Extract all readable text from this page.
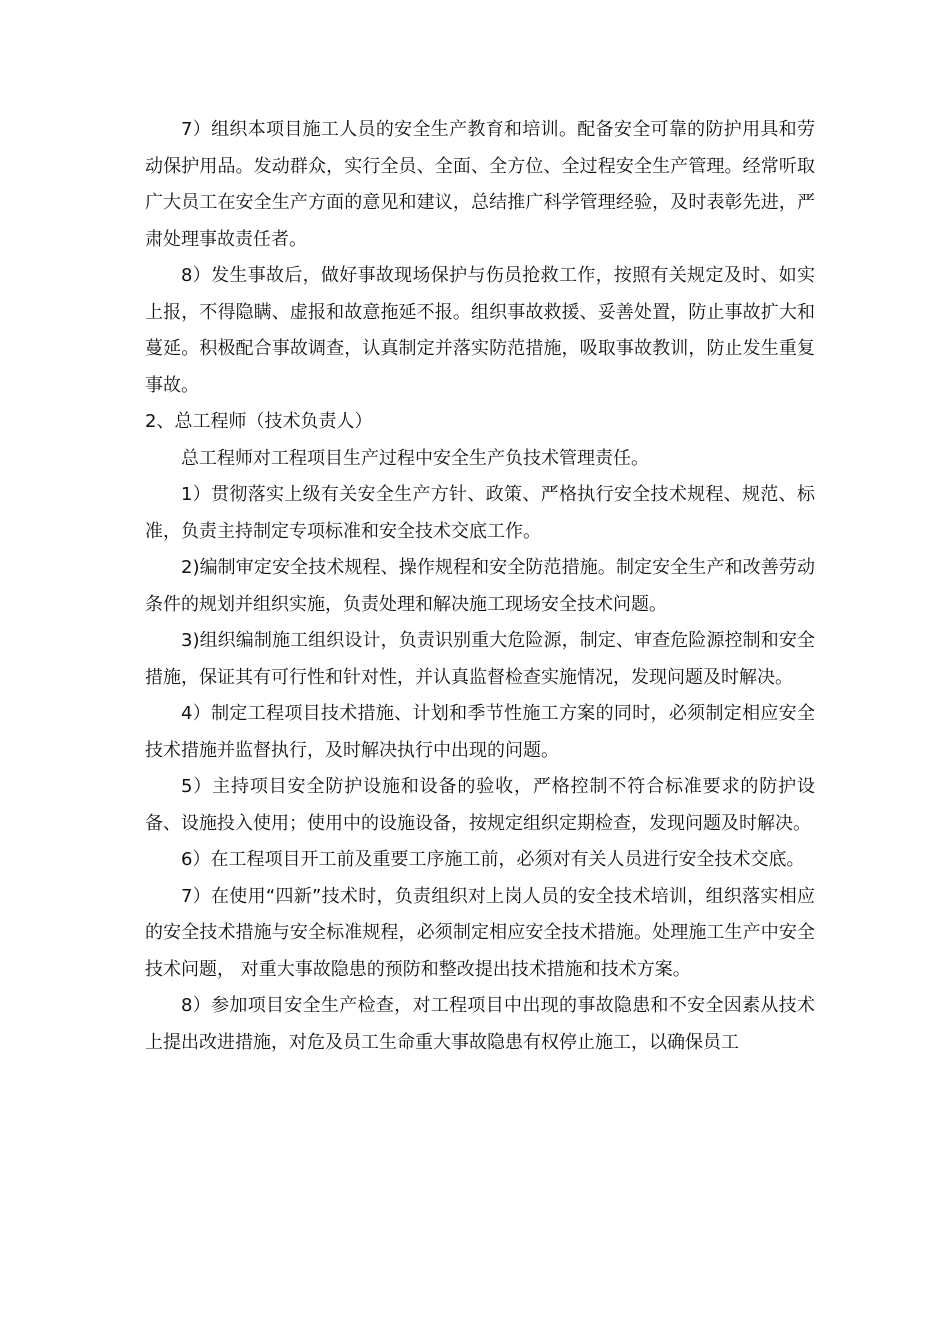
7）组织本项目施工人员的安全生产教育和培训。配备安全可靠的防护用具和劳动保护用品。发动群众，实行全员、全面、全方位、全过程安全生产管理。经常听取广大员工在安全生产方面的意见和建议，总结推广科学管理经验，及时表彰先进，严肃处理事故责任者。

8）发生事故后，做好事故现场保护与伤员抢救工作，按照有关规定及时、如实上报，不得隐瞒、虚报和故意拖延不报。组织事故救援、妥善处置，防止事故扩大和蔓延。积极配合事故调查，认真制定并落实防范措施，吸取事故教训，防止发生重复事故。

2、总工程师（技术负责人）

总工程师对工程项目生产过程中安全生产负技术管理责任。

1）贯彻落实上级有关安全生产方针、政策、严格执行安全技术规程、规范、标准，负责主持制定专项标准和安全技术交底工作。

2)编制审定安全技术规程、操作规程和安全防范措施。制定安全生产和改善劳动条件的规划并组织实施，负责处理和解决施工现场安全技术问题。

3)组织编制施工组织设计，负责识别重大危险源，制定、审查危险源控制和安全措施，保证其有可行性和针对性，并认真监督检查实施情况，发现问题及时解决。

4）制定工程项目技术措施、计划和季节性施工方案的同时，必须制定相应安全技术措施并监督执行，及时解决执行中出现的问题。

5）主持项目安全防护设施和设备的验收，严格控制不符合标准要求的防护设备、设施投入使用；使用中的设施设备，按规定组织定期检查，发现问题及时解决。

6）在工程项目开工前及重要工序施工前，必须对有关人员进行安全技术交底。

7）在使用“四新”技术时，负责组织对上岗人员的安全技术培训，组织落实相应的安全技术措施与安全标准规程，必须制定相应安全技术措施。处理施工生产中安全技术问题， 对重大事故隐患的预防和整改提出技术措施和技术方案。

8）参加项目安全生产检查，对工程项目中出现的事故隐患和不安全因素从技术上提出改进措施，对危及员工生命重大事故隐患有权停止施工，以确保员工
